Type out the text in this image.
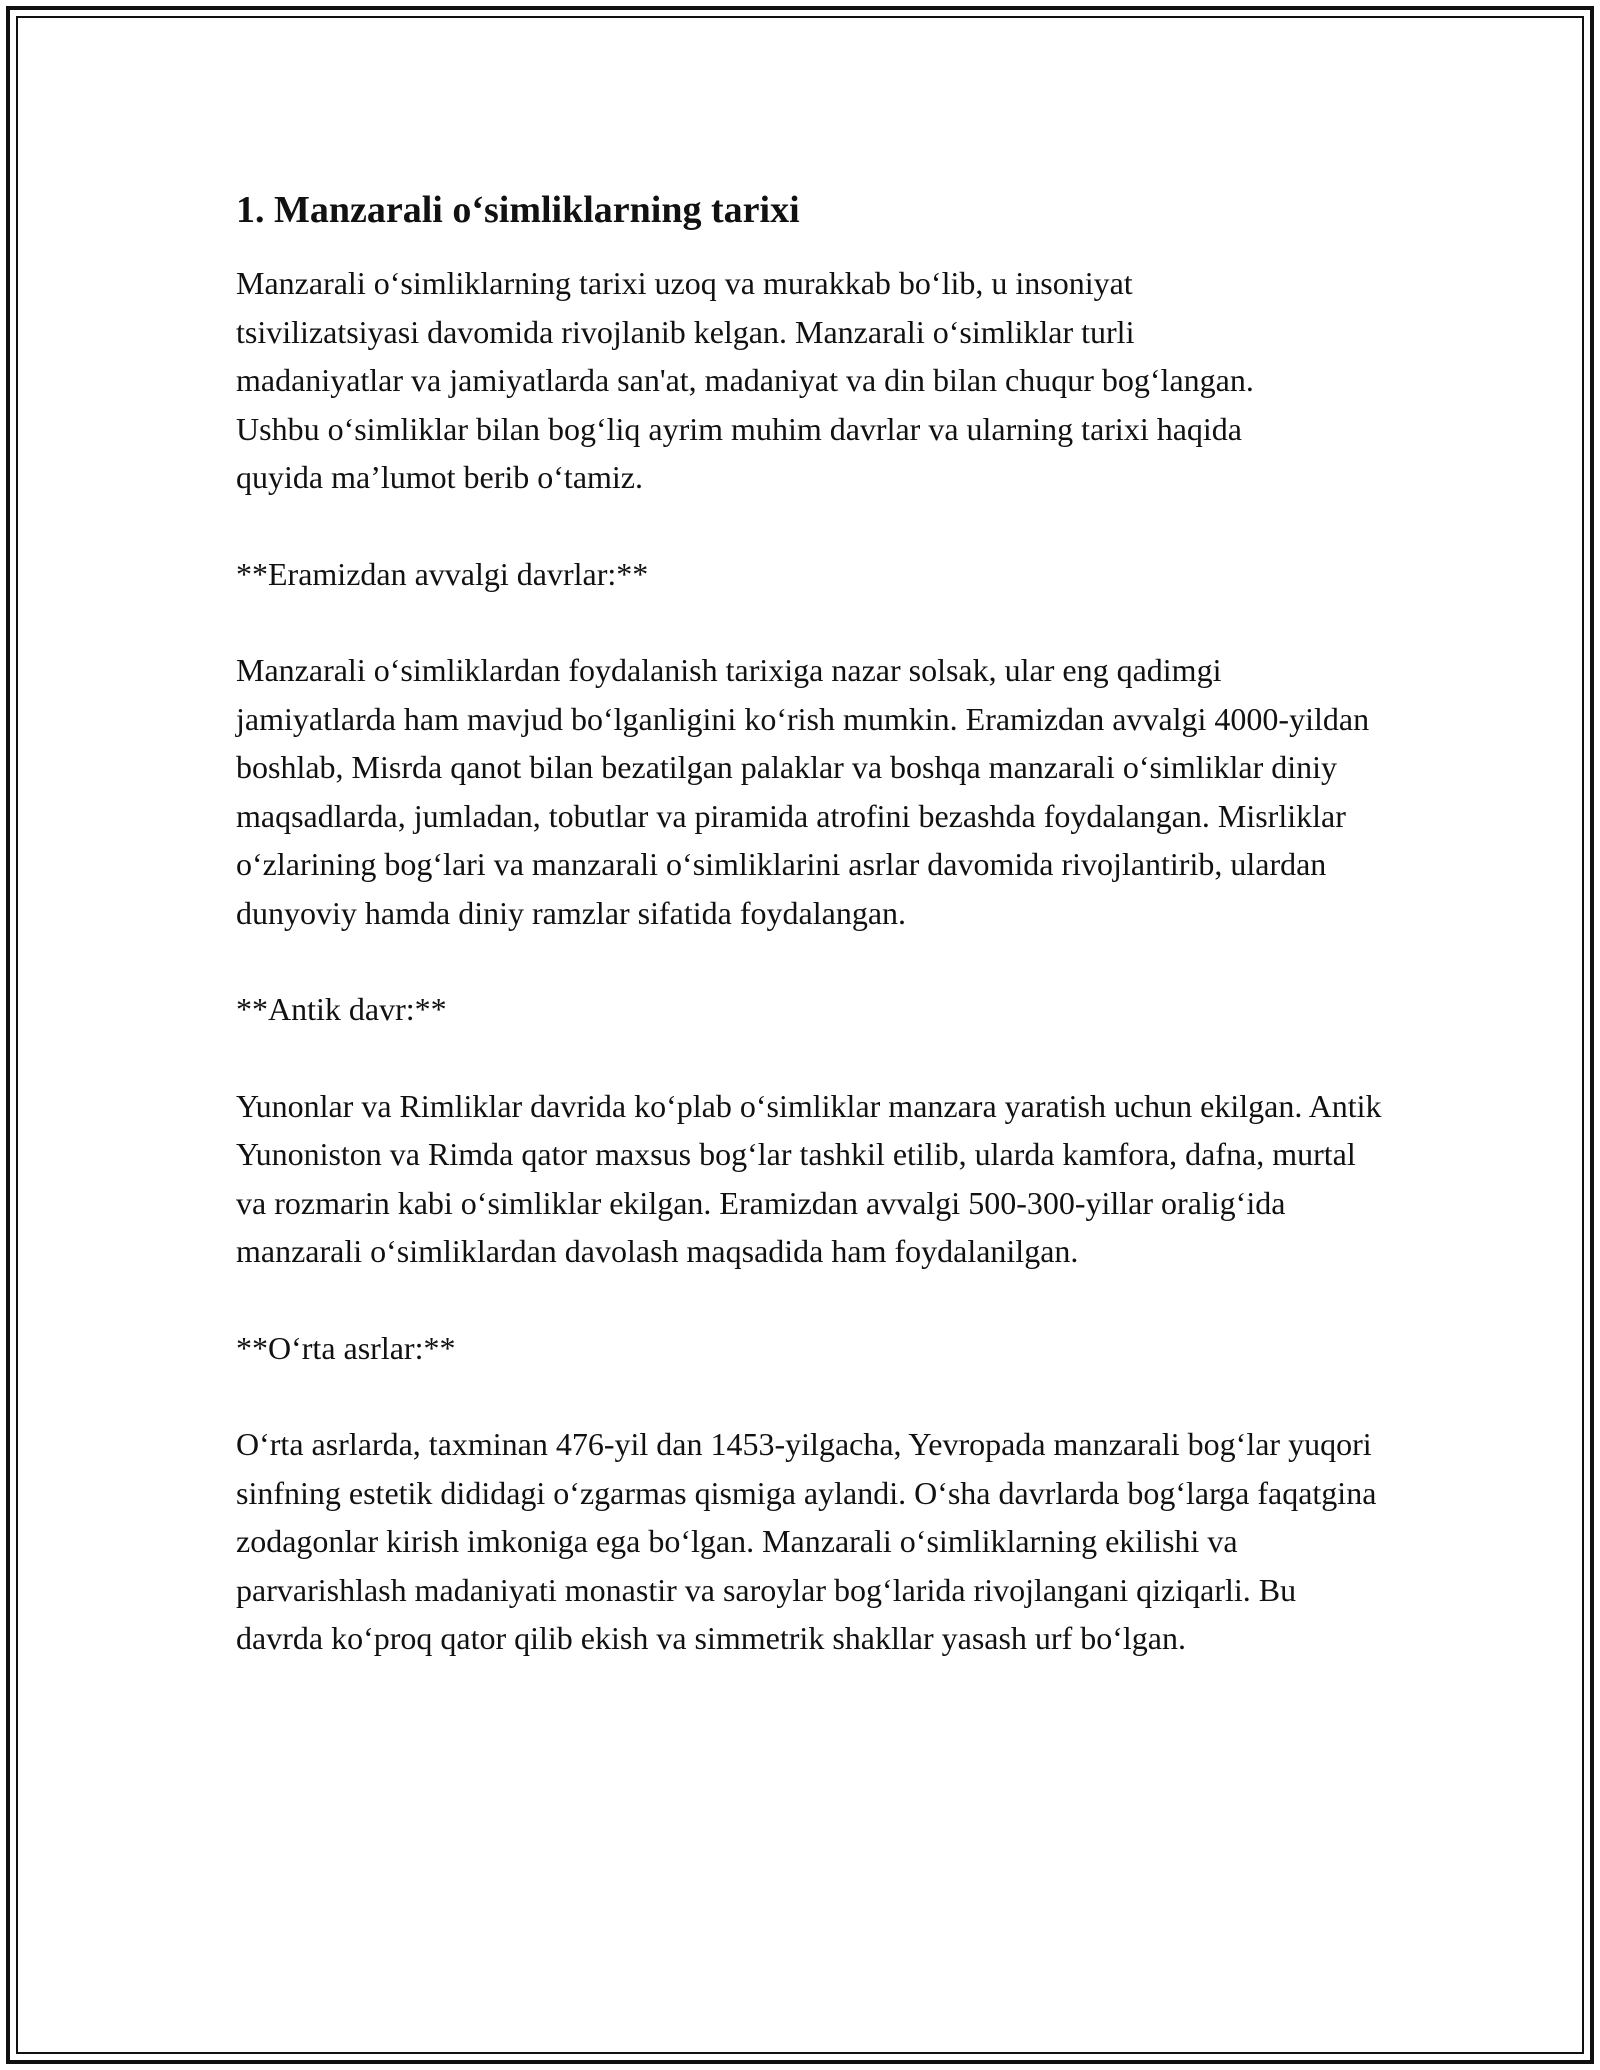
1. Manzarali o‘simliklarning tarixi

Manzarali o‘simliklarning tarixi uzoq va murakkab bo‘lib, u insoniyat tsivilizatsiyasi davomida rivojlanib kelgan. Manzarali o‘simliklar turli madaniyatlar va jamiyatlarda san'at, madaniyat va din bilan chuqur bog‘langan. Ushbu o‘simliklar bilan bog‘liq ayrim muhim davrlar va ularning tarixi haqida quyida ma’lumot berib o‘tamiz.

**Eramizdan avvalgi davrlar:**

Manzarali o‘simliklardan foydalanish tarixiga nazar solsak, ular eng qadimgi jamiyatlarda ham mavjud bo‘lganligini ko‘rish mumkin. Eramizdan avvalgi 4000-yildan boshlab, Misrda qanot bilan bezatilgan palaklar va boshqa manzarali o‘simliklar diniy maqsadlarda, jumladan, tobutlar va piramida atrofini bezashda foydalangan. Misrliklar o‘zlarining bog‘lari va manzarali o‘simliklarini asrlar davomida rivojlantirib, ulardan dunyoviy hamda diniy ramzlar sifatida foydalangan.

**Antik davr:**

Yunonlar va Rimliklar davrida ko‘plab o‘simliklar manzara yaratish uchun ekilgan. Antik Yunoniston va Rimda qator maxsus bog‘lar tashkil etilib, ularda kamfora, dafna, murtal va rozmarin kabi o‘simliklar ekilgan. Eramizdan avvalgi 500-300-yillar oralig‘ida manzarali o‘simliklardan davolash maqsadida ham foydalanilgan.

**O‘rta asrlar:**

O‘rta asrlarda, taxminan 476-yil dan 1453-yilgacha, Yevropada manzarali bog‘lar yuqori sinfning estetik dididagi o‘zgarmas qismiga aylandi. O‘sha davrlarda bog‘larga faqatgina zodagonlar kirish imkoniga ega bo‘lgan. Manzarali o‘simliklarning ekilishi va parvarishlash madaniyati monastir va saroylar bog‘larida rivojlangani qiziqarli. Bu davrda ko‘proq qator qilib ekish va simmetrik shakllar yasash urf bo‘lgan.
